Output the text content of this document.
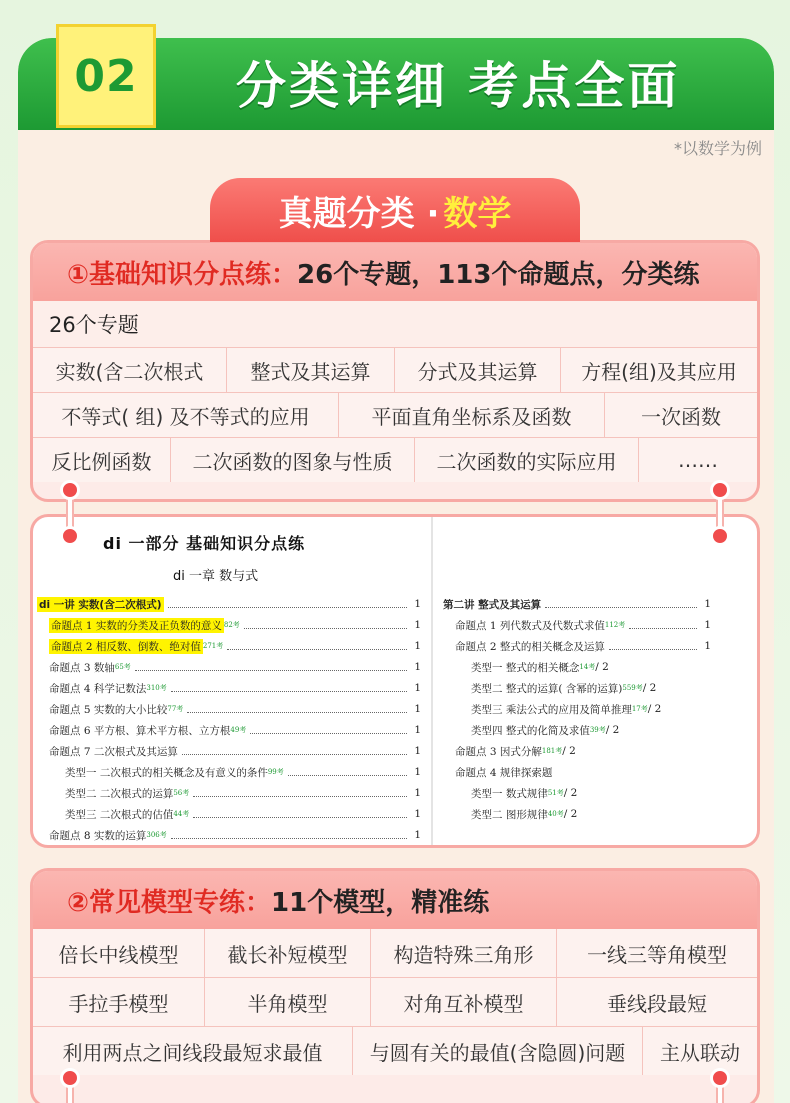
02 分类详细 考点全面
*以数学为例
真题分类 · 数学
①基础知识分点练： 26个专题，113个命题点，分类练
26个专题
实数(含二次根式	整式及其运算	分式及其运算	方程(组)及其应用
不等式( 组) 及不等式的应用	平面直角坐标系及函数	一次函数
反比例函数	二次函数的图象与性质	二次函数的实际应用	……
di 一部分 基础知识分点练
di 一章 数与式
di 一讲 实数(含二次根式)	1
命题点 1 实数的分类及正负数的意义 82考	1
命题点 2 相反数、倒数、绝对值 271考	1
命题点 3 数轴 65考	1
命题点 4 科学记数法 310考	1
命题点 5 实数的大小比较 77考	1
命题点 6 平方根、算术平方根、立方根 49考	1
命题点 7 二次根式及其运算	1
类型一 二次根式的相关概念及有意义的条件 99考	1
类型二 二次根式的运算 56考	1
类型三 二次根式的估值 44考	1
命题点 8 实数的运算 306考	1
第二讲 整式及其运算	1
命题点 1 列代数式及代数式求值 112考	1
命题点 2 整式的相关概念及运算	1
类型一 整式的相关概念 14考 / 2
类型二 整式的运算( 含幂的运算) 559考 / 2
类型三 乘法公式的应用及简单推理 17考 / 2
类型四 整式的化简及求值 39考 / 2
命题点 3 因式分解 181考 / 2
命题点 4 规律探索题
类型一 数式规律 51考 / 2
类型二 图形规律 40考 / 2
②常见模型专练： 11个模型，精准练
倍长中线模型	截长补短模型	构造特殊三角形	一线三等角模型
手拉手模型	半角模型	对角互补模型	垂线段最短
利用两点之间线段最短求最值	与圆有关的最值(含隐圆)问题	主从联动
